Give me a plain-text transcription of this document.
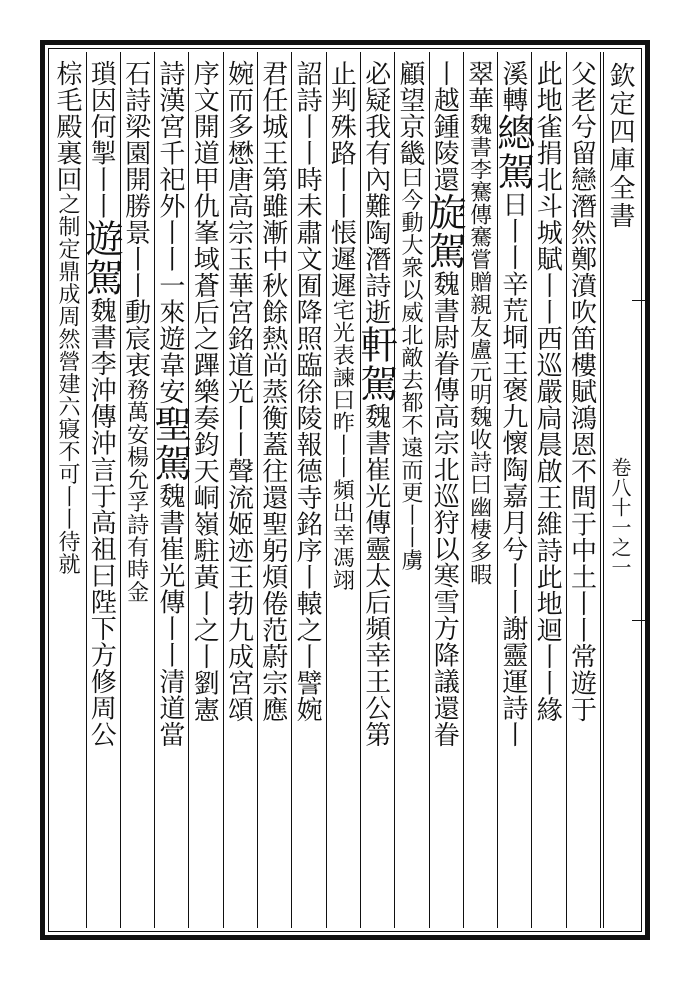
欽定四庫全書
卷八十一之一
父老兮留戀潛然鄭濆吹笛樓賦鴻恩不間于中土丨丨常遊于
此地雀捐北斗城賦丨丨西巡嚴扃晨啟王維詩此地迴丨丨緣
溪轉總駕日丨丨辛荒垌王褒九懷陶嘉月兮丨丨謝靈運詩丨
翠華魏書李騫傳騫嘗贈親友盧元明魏收詩曰幽棲多暇
丨越鍾陵還旋駕魏書尉眷傳高宗北巡狩以寒雪方降議還眷
顧望京畿曰今動大衆以威北敵去都不遠而更丨丨虜
必疑我有內難陶潛詩逝軒駕魏書崔光傳靈太后頻幸王公第
止判殊路丨丨悵遲遲宅光表諫曰昨丨丨頻出幸馮翊
詔詩丨丨時未肅文囿降照臨徐陵報德寺銘序丨轅之丨譬婉
君任城王第雖漸中秋餘熱尚蒸衡蓋往還聖躬煩倦范蔚宗應
婉而多懋唐高宗玉華宮銘道光丨丨聲流姬迹王勃九成宮頌
序文開道甲仇峯域蒼后之蹕樂奏鈞天峒嶺駐黃丨之丨劉憲
詩漢宮千祀外丨丨一來遊韋安聖駕魏書崔光傳丨丨清道當
石詩梁園開勝景丨丨動宸衷務萬安楊允孚詩有時金
瑣因何掣丨丨遊駕魏書李沖傳沖言于高祖曰陛下方修周公
棕毛殿裏回之制定鼎成周然營建六寢不可丨丨待就
